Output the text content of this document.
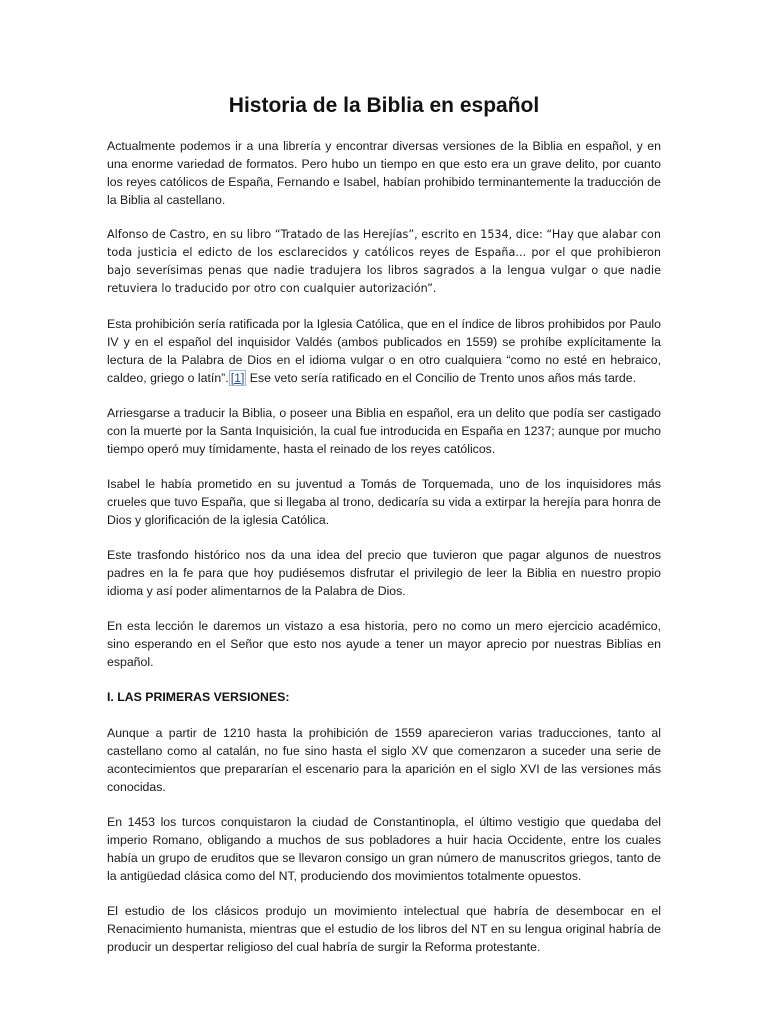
Historia de la Biblia en español

Actualmente podemos ir a una librería y encontrar diversas versiones de la Biblia en español, y en una enorme variedad de formatos. Pero hubo un tiempo en que esto era un grave delito, por cuanto los reyes católicos de España, Fernando e Isabel, habían prohibido terminantemente la traducción de la Biblia al castellano.

Alfonso de Castro, en su libro “Tratado de las Herejías”, escrito en 1534, dice: “Hay que alabar con toda justicia el edicto de los esclarecidos y católicos reyes de España... por el que prohibieron bajo severísimas penas que nadie tradujera los libros sagrados a la lengua vulgar o que nadie retuviera lo traducido por otro con cualquier autorización”.

Esta prohibición sería ratificada por la Iglesia Católica, que en el índice de libros prohibidos por Paulo IV y en el español del inquisidor Valdés (ambos publicados en 1559) se prohíbe explícitamente la lectura de la Palabra de Dios en el idioma vulgar o en otro cualquiera “como no esté en hebraico, caldeo, griego o latín”. [1] Ese veto sería ratificado en el Concilio de Trento unos años más tarde.

Arriesgarse a traducir la Biblia, o poseer una Biblia en español, era un delito que podía ser castigado con la muerte por la Santa Inquisición, la cual fue introducida en España en 1237; aunque por mucho tiempo operó muy tímidamente, hasta el reinado de los reyes católicos.

Isabel le había prometido en su juventud a Tomás de Torquemada, uno de los inquisidores más crueles que tuvo España, que si llegaba al trono, dedicaría su vida a extirpar la herejía para honra de Dios y glorificación de la iglesia Católica.

Este trasfondo histórico nos da una idea del precio que tuvieron que pagar algunos de nuestros padres en la fe para que hoy pudiésemos disfrutar el privilegio de leer la Biblia en nuestro propio idioma y así poder alimentarnos de la Palabra de Dios.

En esta lección le daremos un vistazo a esa historia, pero no como un mero ejercicio académico, sino esperando en el Señor que esto nos ayude a tener un mayor aprecio por nuestras Biblias en español.

I. LAS PRIMERAS VERSIONES:

Aunque a partir de 1210 hasta la prohibición de 1559 aparecieron varias traducciones, tanto al castellano como al catalán, no fue sino hasta el siglo XV que comenzaron a suceder una serie de acontecimientos que prepararían el escenario para la aparición en el siglo XVI de las versiones más conocidas.

En 1453 los turcos conquistaron la ciudad de Constantinopla, el último vestigio que quedaba del imperio Romano, obligando a muchos de sus pobladores a huir hacia Occidente, entre los cuales había un grupo de eruditos que se llevaron consigo un gran número de manuscritos griegos, tanto de la antigüedad clásica como del NT, produciendo dos movimientos totalmente opuestos.

El estudio de los clásicos produjo un movimiento intelectual que habría de desembocar en el Renacimiento humanista, mientras que el estudio de los libros del NT en su lengua original habría de producir un despertar religioso del cual habría de surgir la Reforma protestante.
